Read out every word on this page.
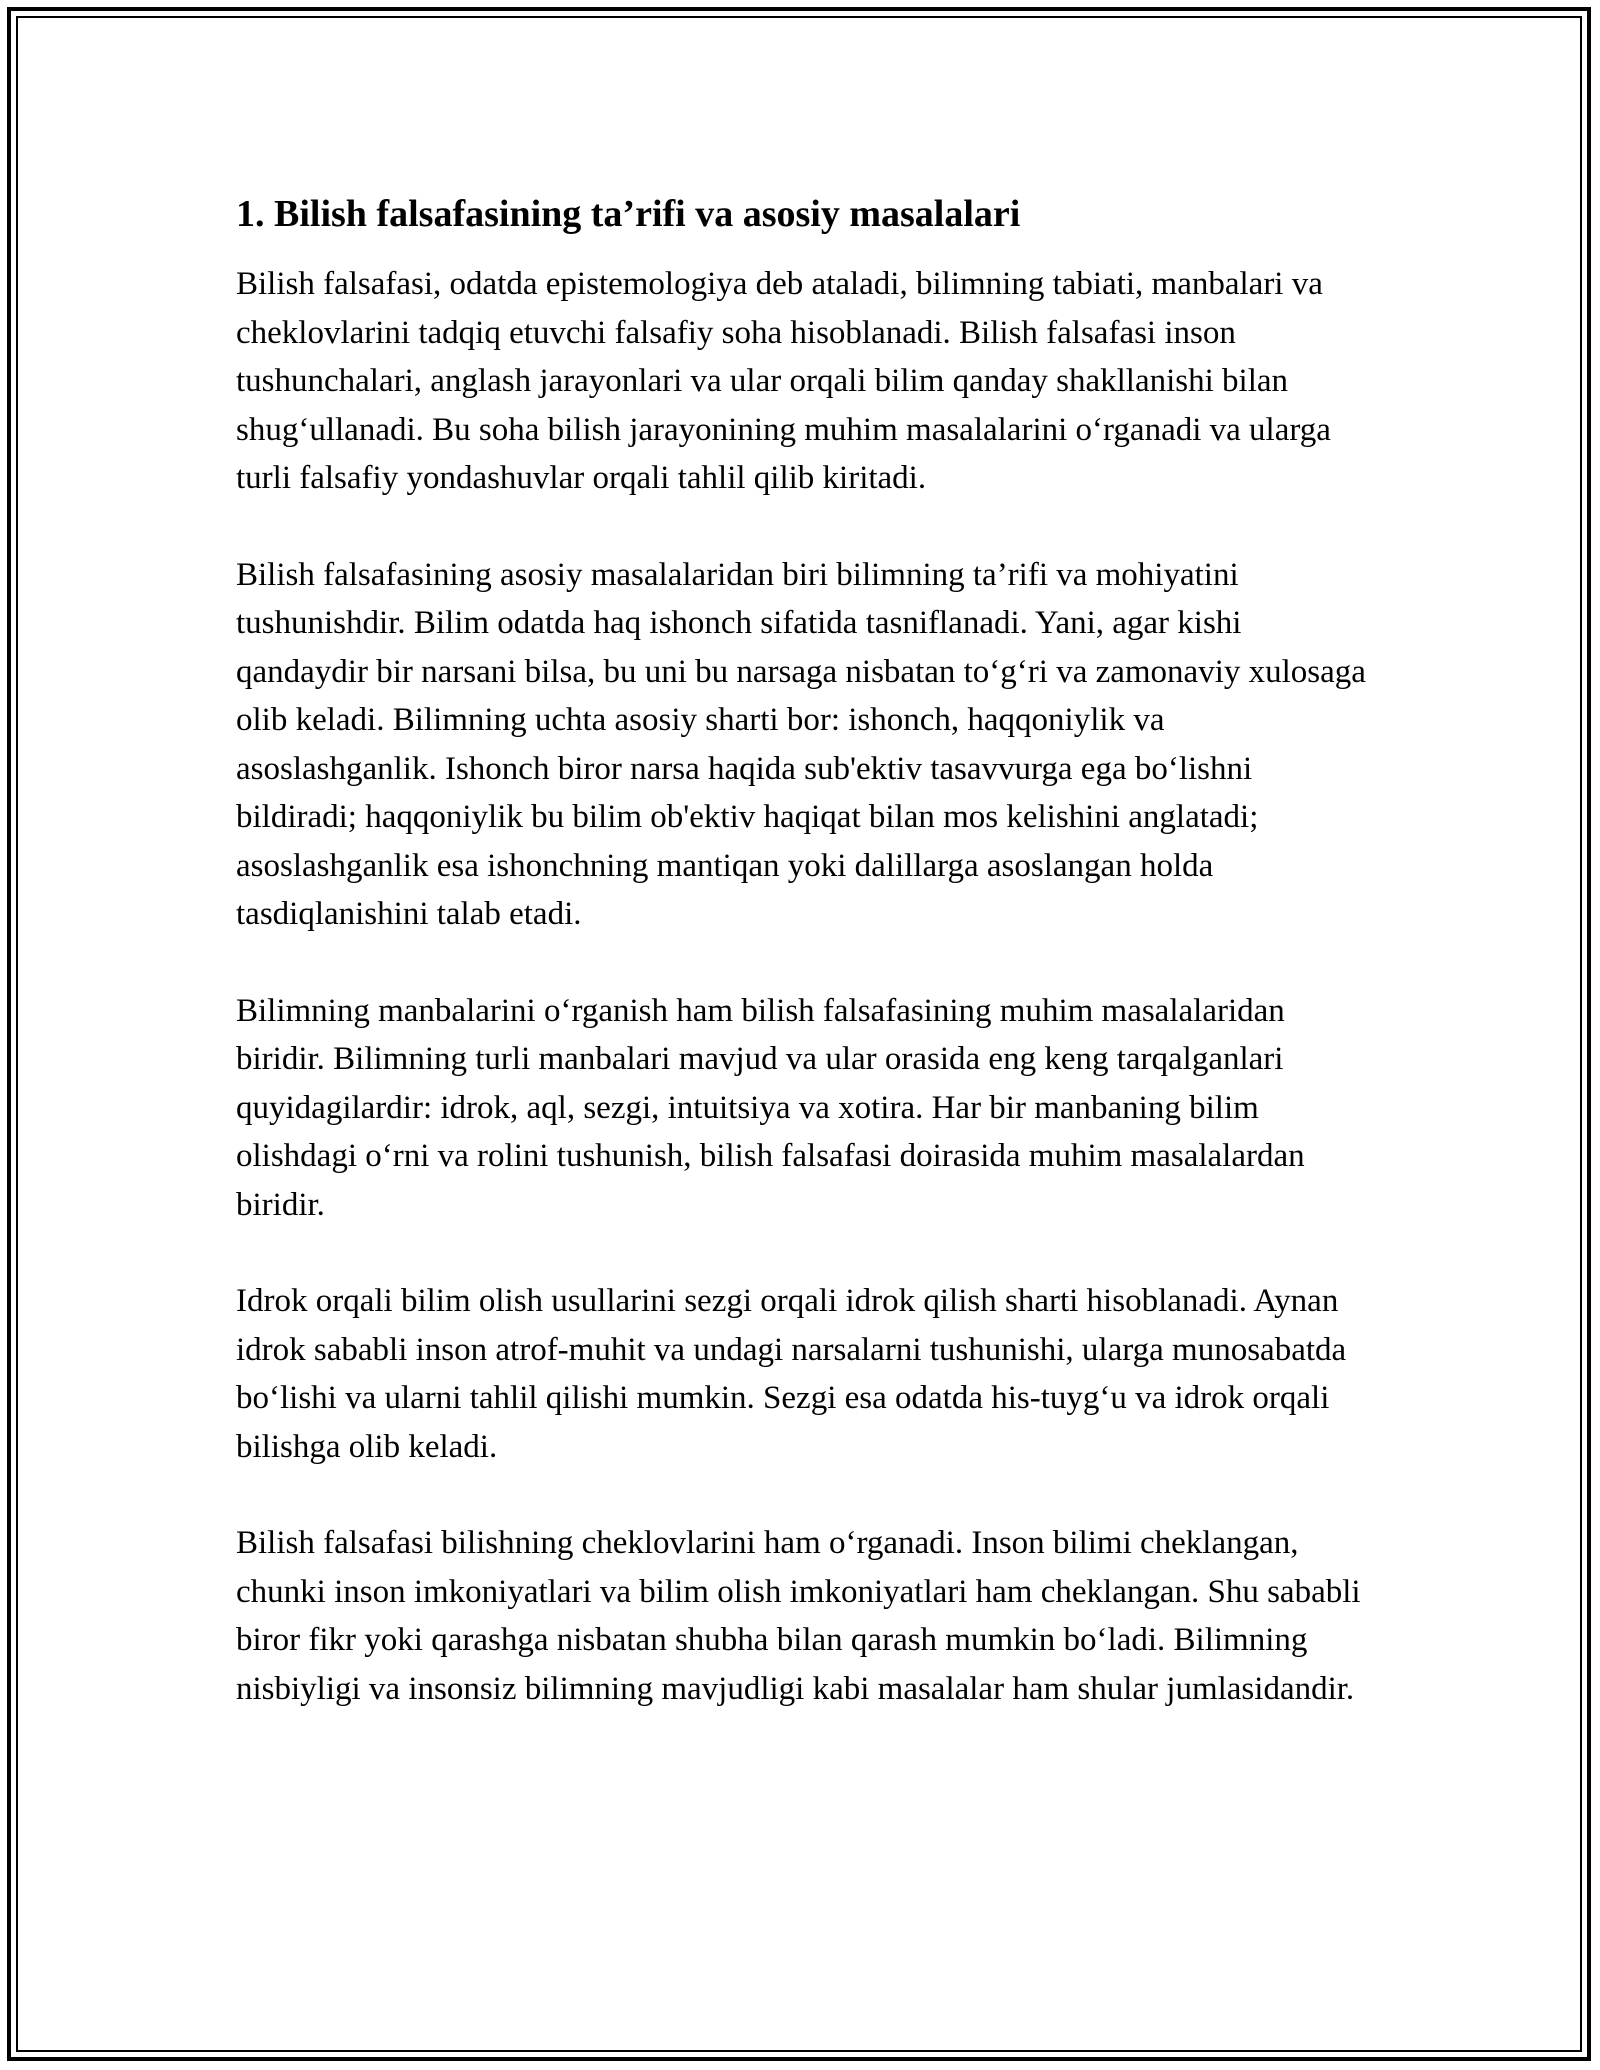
1. Bilish falsafasining ta’rifi va asosiy masalalari

Bilish falsafasi, odatda epistemologiya deb ataladi, bilimning tabiati, manbalari va cheklovlarini tadqiq etuvchi falsafiy soha hisoblanadi. Bilish falsafasi inson tushunchalari, anglash jarayonlari va ular orqali bilim qanday shakllanishi bilan shug‘ullanadi. Bu soha bilish jarayonining muhim masalalarini o‘rganadi va ularga turli falsafiy yondashuvlar orqali tahlil qilib kiritadi.

Bilish falsafasining asosiy masalalaridan biri bilimning ta’rifi va mohiyatini tushunishdir. Bilim odatda haq ishonch sifatida tasniflanadi. Yani, agar kishi qandaydir bir narsani bilsa, bu uni bu narsaga nisbatan to‘g‘ri va zamonaviy xulosaga olib keladi. Bilimning uchta asosiy sharti bor: ishonch, haqqoniylik va asoslashganlik. Ishonch biror narsa haqida sub'ektiv tasavvurga ega bo‘lishni bildiradi; haqqoniylik bu bilim ob'ektiv haqiqat bilan mos kelishini anglatadi; asoslashganlik esa ishonchning mantiqan yoki dalillarga asoslangan holda tasdiqlanishini talab etadi.

Bilimning manbalarini o‘rganish ham bilish falsafasining muhim masalalaridan biridir. Bilimning turli manbalari mavjud va ular orasida eng keng tarqalganlari quyidagilardir: idrok, aql, sezgi, intuitsiya va xotira. Har bir manbaning bilim olishdagi o‘rni va rolini tushunish, bilish falsafasi doirasida muhim masalalardan biridir.

Idrok orqali bilim olish usullarini sezgi orqali idrok qilish sharti hisoblanadi. Aynan idrok sababli inson atrof-muhit va undagi narsalarni tushunishi, ularga munosabatda bo‘lishi va ularni tahlil qilishi mumkin. Sezgi esa odatda his-tuyg‘u va idrok orqali bilishga olib keladi.

Bilish falsafasi bilishning cheklovlarini ham o‘rganadi. Inson bilimi cheklangan, chunki inson imkoniyatlari va bilim olish imkoniyatlari ham cheklangan. Shu sababli biror fikr yoki qarashga nisbatan shubha bilan qarash mumkin bo‘ladi. Bilimning nisbiyligi va insonsiz bilimning mavjudligi kabi masalalar ham shular jumlasidandir.
